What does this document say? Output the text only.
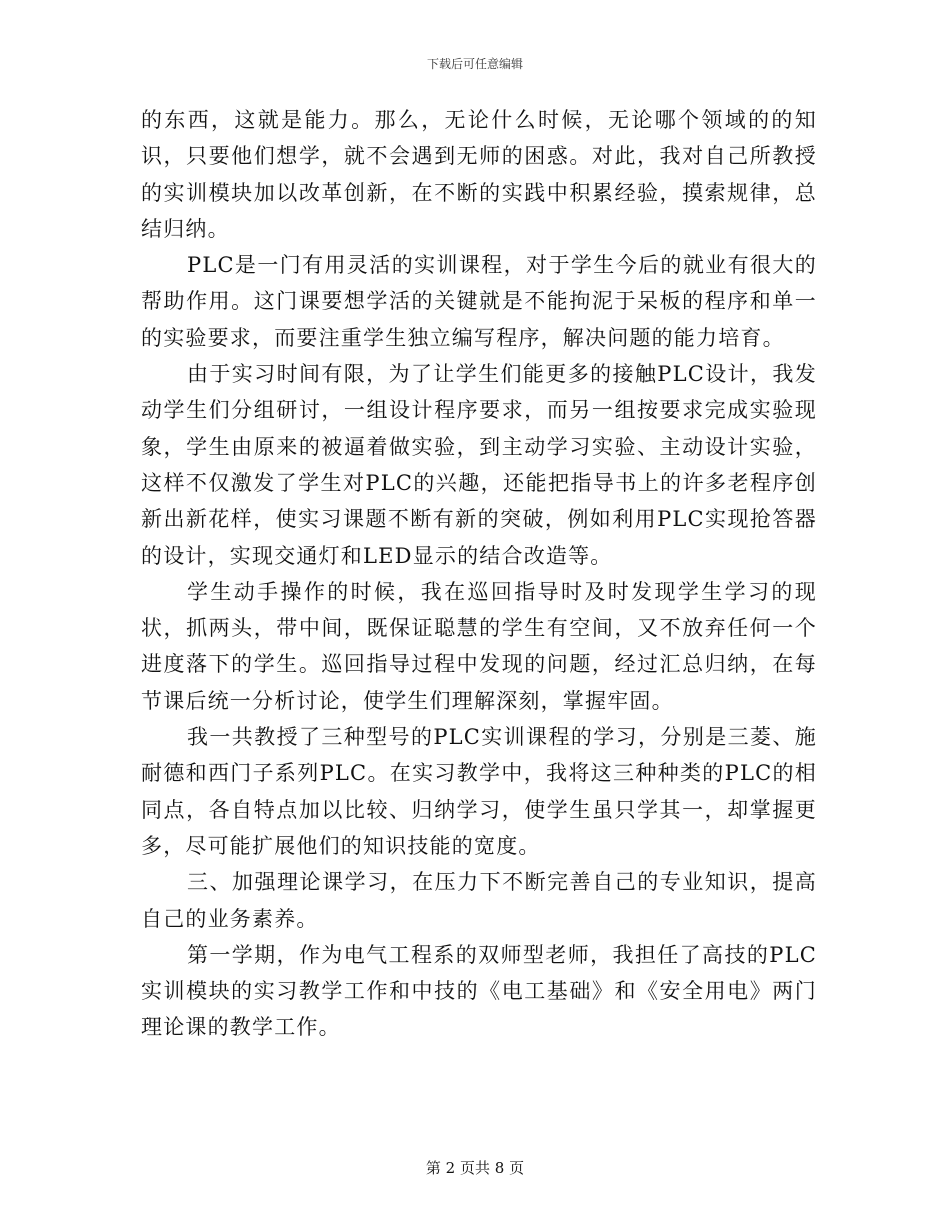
下载后可任意编辑

的东西，这就是能力。那么，无论什么时候，无论哪个领域的的知识，只要他们想学，就不会遇到无师的困惑。对此，我对自己所教授的实训模块加以改革创新，在不断的实践中积累经验，摸索规律，总结归纳。

PLC是一门有用灵活的实训课程，对于学生今后的就业有很大的帮助作用。这门课要想学活的关键就是不能拘泥于呆板的程序和单一的实验要求，而要注重学生独立编写程序，解决问题的能力培育。

由于实习时间有限，为了让学生们能更多的接触PLC设计，我发动学生们分组研讨，一组设计程序要求，而另一组按要求完成实验现象，学生由原来的被逼着做实验，到主动学习实验、主动设计实验，这样不仅激发了学生对PLC的兴趣，还能把指导书上的许多老程序创新出新花样，使实习课题不断有新的突破，例如利用PLC实现抢答器的设计，实现交通灯和LED显示的结合改造等。

学生动手操作的时候，我在巡回指导时及时发现学生学习的现状，抓两头，带中间，既保证聪慧的学生有空间，又不放弃任何一个进度落下的学生。巡回指导过程中发现的问题，经过汇总归纳，在每节课后统一分析讨论，使学生们理解深刻，掌握牢固。

我一共教授了三种型号的PLC实训课程的学习，分别是三菱、施耐德和西门子系列PLC。在实习教学中，我将这三种种类的PLC的相同点，各自特点加以比较、归纳学习，使学生虽只学其一，却掌握更多，尽可能扩展他们的知识技能的宽度。

三、加强理论课学习，在压力下不断完善自己的专业知识，提高自己的业务素养。

第一学期，作为电气工程系的双师型老师，我担任了高技的PLC实训模块的实习教学工作和中技的《电工基础》和《安全用电》两门理论课的教学工作。

第 2 页共 8 页
